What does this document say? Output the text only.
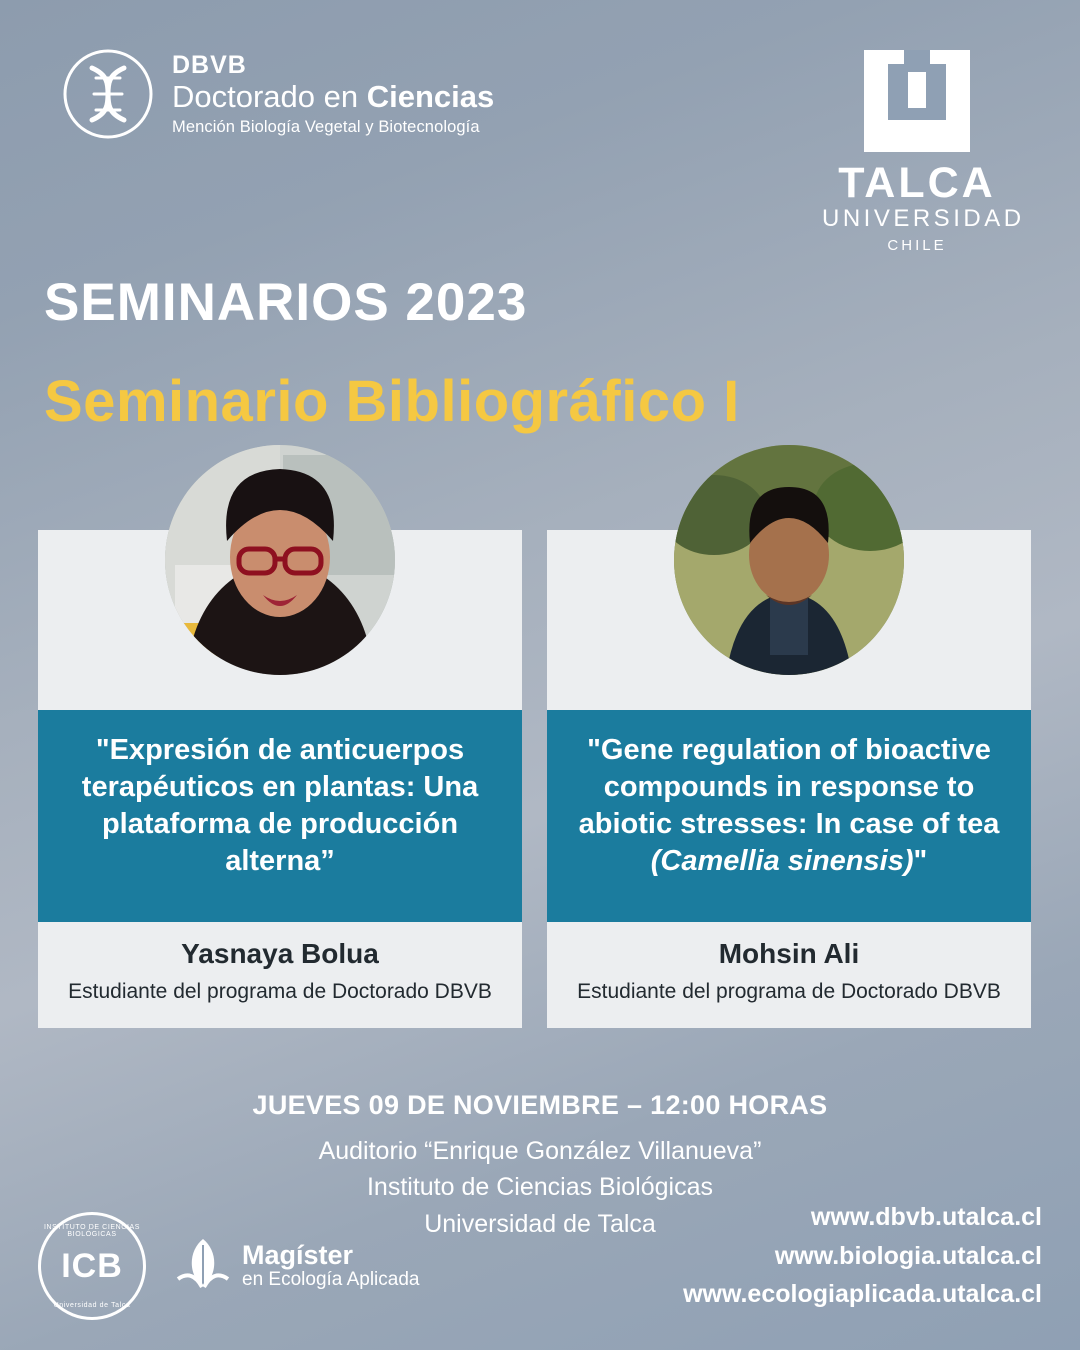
DBVB
Doctorado en Ciencias
Mención Biología Vegetal y Biotecnología
TALCA
UNIVERSIDAD
CHILE
SEMINARIOS 2023
Seminario Bibliográfico I
"Expresión de anticuerpos terapéuticos en plantas: Una plataforma de producción alterna”
Yasnaya Bolua
Estudiante del programa de Doctorado DBVB
"Gene regulation of bioactive compounds in response to abiotic stresses: In case of tea (Camellia sinensis)"
Mohsin Ali
Estudiante del programa de Doctorado DBVB
JUEVES 09 DE NOVIEMBRE – 12:00 HORAS
Auditorio “Enrique González Villanueva”
Instituto de Ciencias Biológicas
Universidad de Talca
INSTITUTO DE CIENCIAS BIOLÓGICAS
ICB
Universidad de Talca
Magíster
en Ecología Aplicada
www.dbvb.utalca.cl
www.biologia.utalca.cl
www.ecologiaplicada.utalca.cl
